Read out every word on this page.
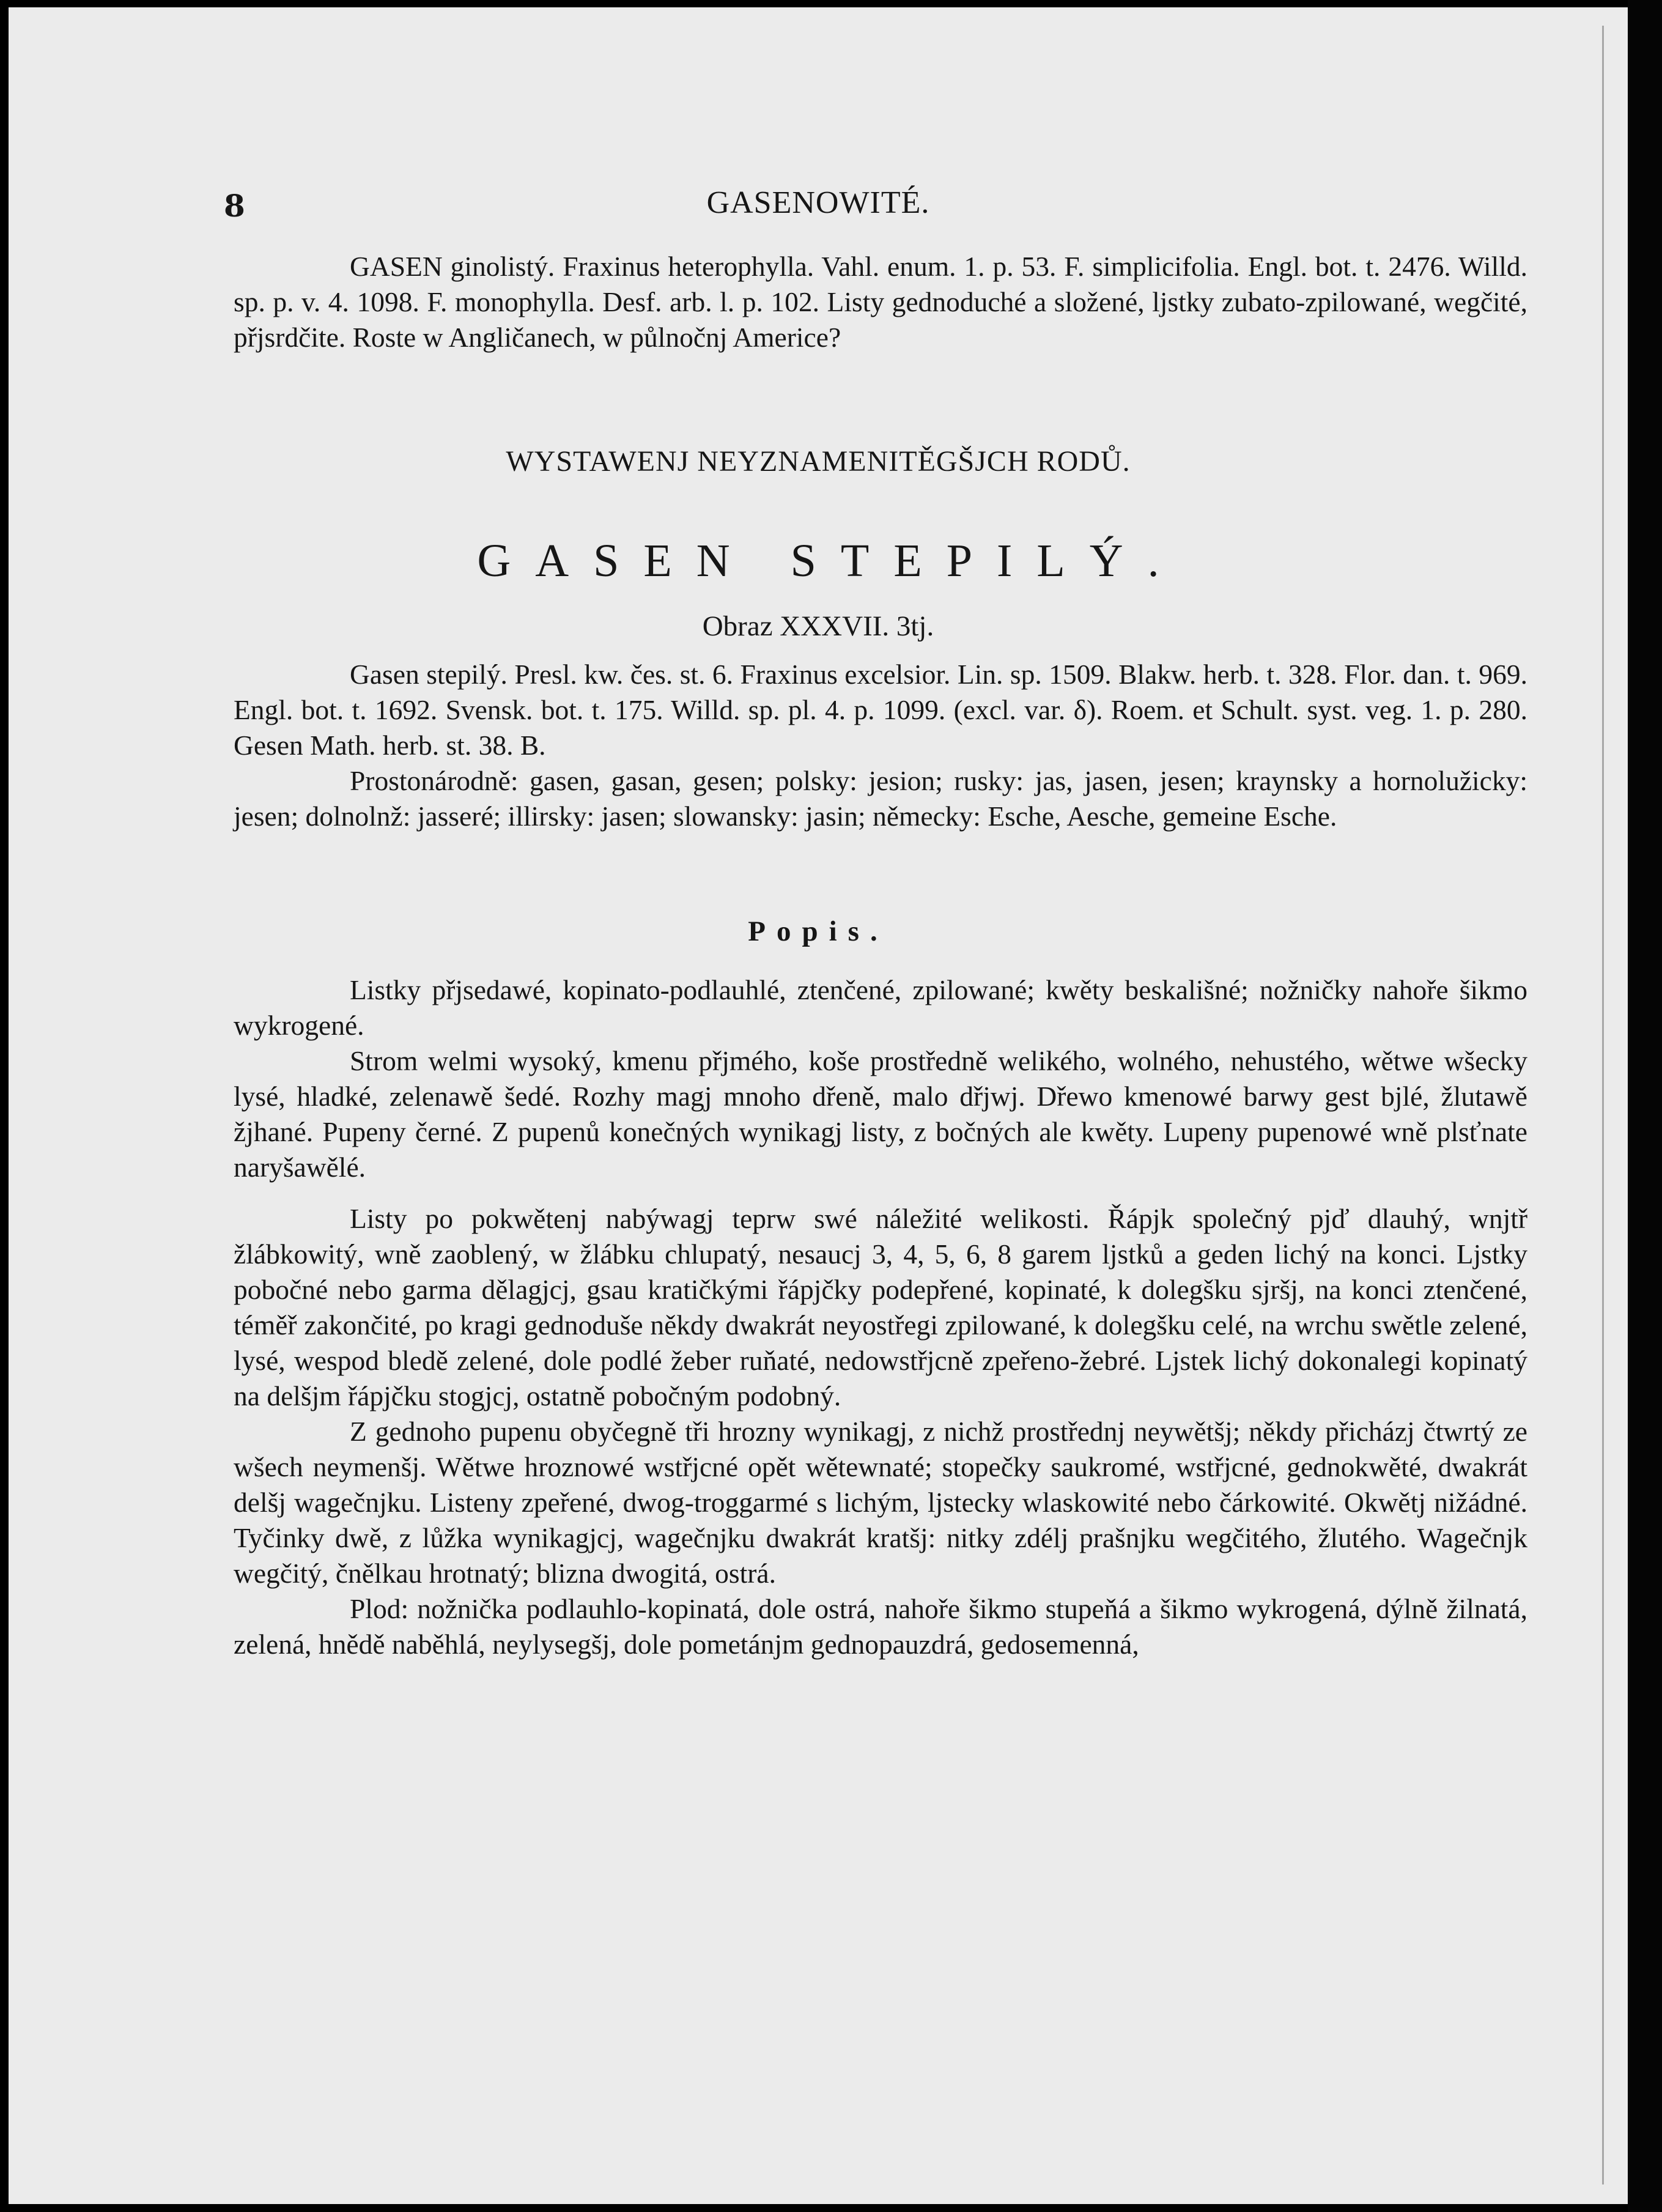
8	GASENOWITÉ.

GASEN ginolistý. Fraxinus heterophylla. Vahl. enum. 1. p. 53. F. simplicifolia. Engl. bot. t. 2476. Willd. sp. p. v. 4. 1098. F. monophylla. Desf. arb. l. p. 102. Listy gednoduché a složené, ljstky zubato-zpilowané, wegčité, přjsrdčite. Roste w Angličanech, w půlnočnj Americe?

WYSTAWENJ NEYZNAMENITĚGŠJCH RODŮ.
GASEN STEPILÝ.
Obraz XXXVII. 3tj.

Gasen stepilý. Presl. kw. čes. st. 6. Fraxinus excelsior. Lin. sp. 1509. Blakw. herb. t. 328. Flor. dan. t. 969. Engl. bot. t. 1692. Svensk. bot. t. 175. Willd. sp. pl. 4. p. 1099. (excl. var. δ). Roem. et Schult. syst. veg. 1. p. 280. Gesen Math. herb. st. 38. B.

Prostonárodně: gasen, gasan, gesen; polsky: jesion; rusky: jas, jasen, jesen; kraynsky a hornolužicky: jesen; dolnolnž: jasseré; illirsky: jasen; slowansky: jasin; německy: Esche, Aesche, gemeine Esche.

Popis.

Listky přjsedawé, kopinato-podlauhlé, ztenčené, zpilowané; kwěty beskališné; nožničky nahoře šikmo wykrogené.

Strom welmi wysoký, kmenu přjmého, koše prostředně welikého, wolného, nehustého, wětwe wšecky lysé, hladké, zelenawě šedé. Rozhy magj mnoho dřeně, malo dřjwj. Dřewo kmenowé barwy gest bjlé, žlutawě žjhané. Pupeny černé. Z pupenů konečných wynikagj listy, z bočných ale kwěty. Lupeny pupenowé wně plsťnate naryšawělé.

Listy po pokwětenj nabýwagj teprw swé náležité welikosti. Řápjk společný pjď dlauhý, wnjtř žlábkowitý, wně zaoblený, w žlábku chlupatý, nesaucj 3, 4, 5, 6, 8 garem ljstků a geden lichý na konci. Ljstky pobočné nebo garma dělagjcj, gsau kratičkými řápjčky podepřené, kopinaté, k dolegšku sjršj, na konci ztenčené, téměř zakončité, po kragi gednoduše někdy dwakrát neyostřegi zpilowané, k dolegšku celé, na wrchu swětle zelené, lysé, wespod bledě zelené, dole podlé žeber ruňaté, nedowstřjcně zpeřeno-žebré. Ljstek lichý dokonalegi kopinatý na delšjm řápjčku stogjcj, ostatně pobočným podobný.

Z gednoho pupenu obyčegně tři hrozny wynikagj, z nichž prostřednj neywětšj; někdy přicházj čtwrtý ze wšech neymenšj. Wětwe hroznowé wstřjcné opět wětewnaté; stopečky saukromé, wstřjcné, gednokwěté, dwakrát delšj wagečnjku. Listeny zpeřené, dwog-troggarmé s lichým, ljstecky wlaskowité nebo čárkowité. Okwětj nižádné. Tyčinky dwě, z lůžka wynikagjcj, wagečnjku dwakrát kratšj: nitky zdélj prašnjku wegčitého, žlutého. Wagečnjk wegčitý, čnělkau hrotnatý; blizna dwogitá, ostrá.

Plod: nožnička podlauhlo-kopinatá, dole ostrá, nahoře šikmo stupeňá a šikmo wykrogená, dýlně žilnatá, zelená, hnědě naběhlá, neylysegšj, dole pometánjm gednopauzdrá, gedosemenná,
